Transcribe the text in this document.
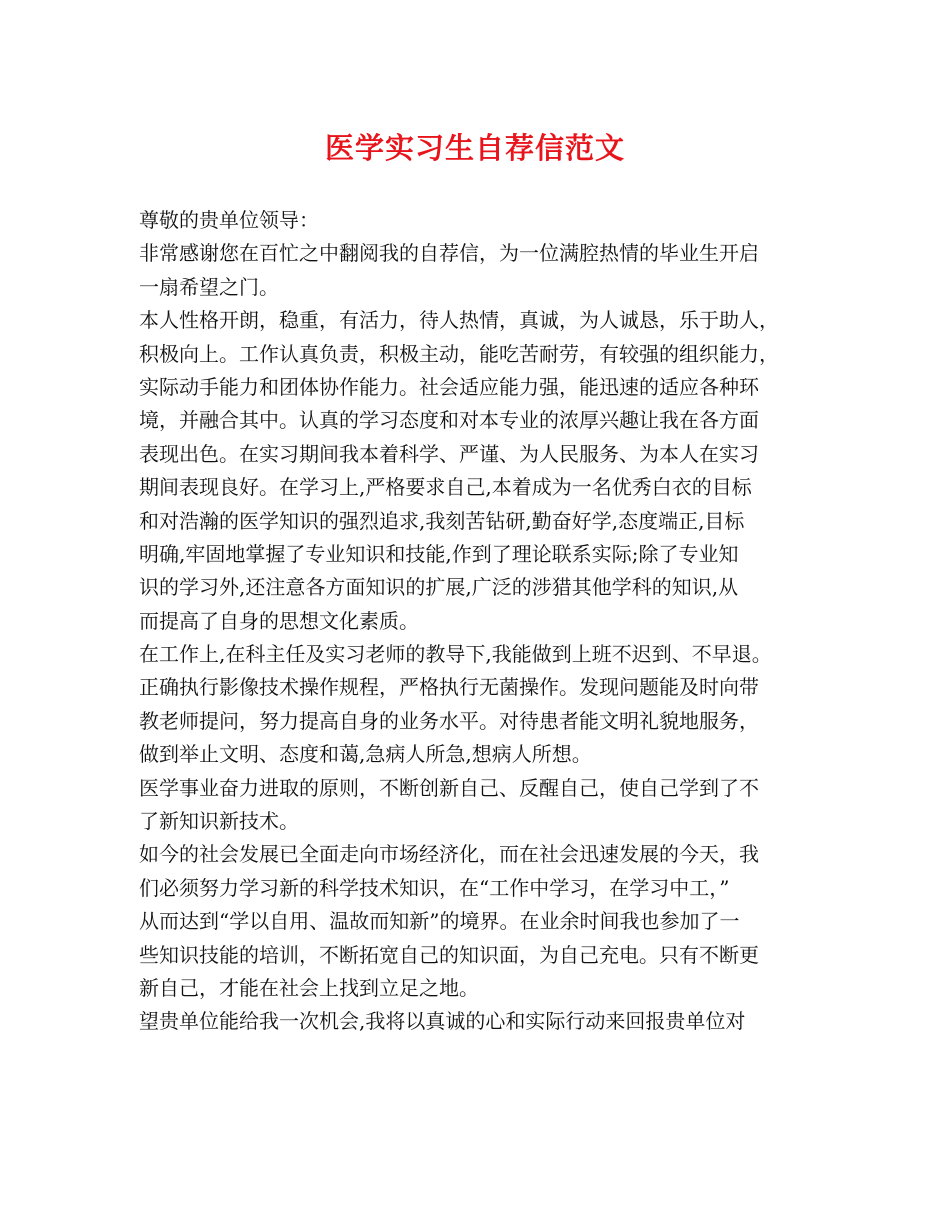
医学实习生自荐信范文
尊敬的贵单位领导：
非常感谢您在百忙之中翻阅我的自荐信，为一位满腔热情的毕业生开启
一扇希望之门。
本人性格开朗，稳重，有活力，待人热情，真诚，为人诚恳，乐于助人，
积极向上。工作认真负责，积极主动，能吃苦耐劳，有较强的组织能力，
实际动手能力和团体协作能力。社会适应能力强，能迅速的适应各种环
境，并融合其中。认真的学习态度和对本专业的浓厚兴趣让我在各方面
表现出色。在实习期间我本着科学、严谨、为人民服务、为本人在实习
期间表现良好。在学习上,严格要求自己,本着成为一名优秀白衣的目标
和对浩瀚的医学知识的强烈追求,我刻苦钻研,勤奋好学,态度端正,目标
明确,牢固地掌握了专业知识和技能,作到了理论联系实际;除了专业知
识的学习外,还注意各方面知识的扩展,广泛的涉猎其他学科的知识,从
而提高了自身的思想文化素质。
在工作上,在科主任及实习老师的教导下,我能做到上班不迟到、不早退。
正确执行影像技术操作规程，严格执行无菌操作。发现问题能及时向带
教老师提问，努力提高自身的业务水平。对待患者能文明礼貌地服务，
做到举止文明、态度和蔼,急病人所急,想病人所想。
医学事业奋力进取的原则，不断创新自己、反醒自己，使自己学到了不
了新知识新技术。
如今的社会发展已全面走向市场经济化，而在社会迅速发展的今天，我
们必须努力学习新的科学技术知识，在“工作中学习，在学习中工，”
从而达到“学以自用、温故而知新”的境界。在业余时间我也参加了一
些知识技能的培训，不断拓宽自己的知识面，为自己充电。只有不断更
新自己，才能在社会上找到立足之地。
望贵单位能给我一次机会,我将以真诚的心和实际行动来回报贵单位对
